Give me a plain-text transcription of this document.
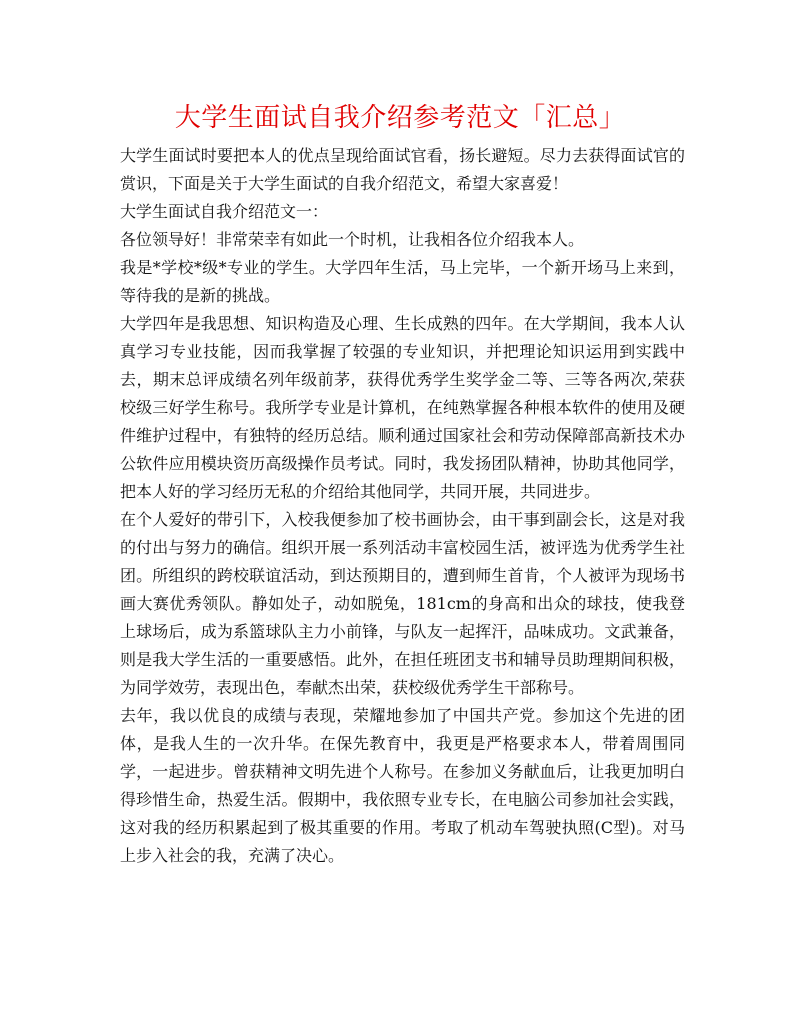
大学生面试自我介绍参考范文「汇总」

大学生面试时要把本人的优点呈现给面试官看，扬长避短。尽力去获得面试官的赏识，下面是关于大学生面试的自我介绍范文，希望大家喜爱！

大学生面试自我介绍范文一：

各位领导好！非常荣幸有如此一个时机，让我相各位介绍我本人。

我是*学校*级*专业的学生。大学四年生活，马上完毕，一个新开场马上来到，等待我的是新的挑战。

大学四年是我思想、知识构造及心理、生长成熟的四年。在大学期间，我本人认真学习专业技能，因而我掌握了较强的专业知识，并把理论知识运用到实践中去，期末总评成绩名列年级前茅，获得优秀学生奖学金二等、三等各两次,荣获校级三好学生称号。我所学专业是计算机，在纯熟掌握各种根本软件的使用及硬件维护过程中，有独特的经历总结。顺利通过国家社会和劳动保障部高新技术办公软件应用模块资历高级操作员考试。同时，我发扬团队精神，协助其他同学，把本人好的学习经历无私的介绍给其他同学，共同开展，共同进步。

在个人爱好的带引下，入校我便参加了校书画协会，由干事到副会长，这是对我的付出与努力的确信。组织开展一系列活动丰富校园生活，被评选为优秀学生社团。所组织的跨校联谊活动，到达预期目的，遭到师生首肯，个人被评为现场书画大赛优秀领队。静如处子，动如脱兔，181cm的身高和出众的球技，使我登上球场后，成为系篮球队主力小前锋，与队友一起挥汗，品味成功。文武兼备，则是我大学生活的一重要感悟。此外，在担任班团支书和辅导员助理期间积极，为同学效劳，表现出色，奉献杰出荣，获校级优秀学生干部称号。

去年，我以优良的成绩与表现，荣耀地参加了中国共产党。参加这个先进的团体，是我人生的一次升华。在保先教育中，我更是严格要求本人，带着周围同学，一起进步。曾获精神文明先进个人称号。在参加义务献血后，让我更加明白得珍惜生命，热爱生活。假期中，我依照专业专长，在电脑公司参加社会实践，这对我的经历积累起到了极其重要的作用。考取了机动车驾驶执照(C型)。对马上步入社会的我，充满了决心。
